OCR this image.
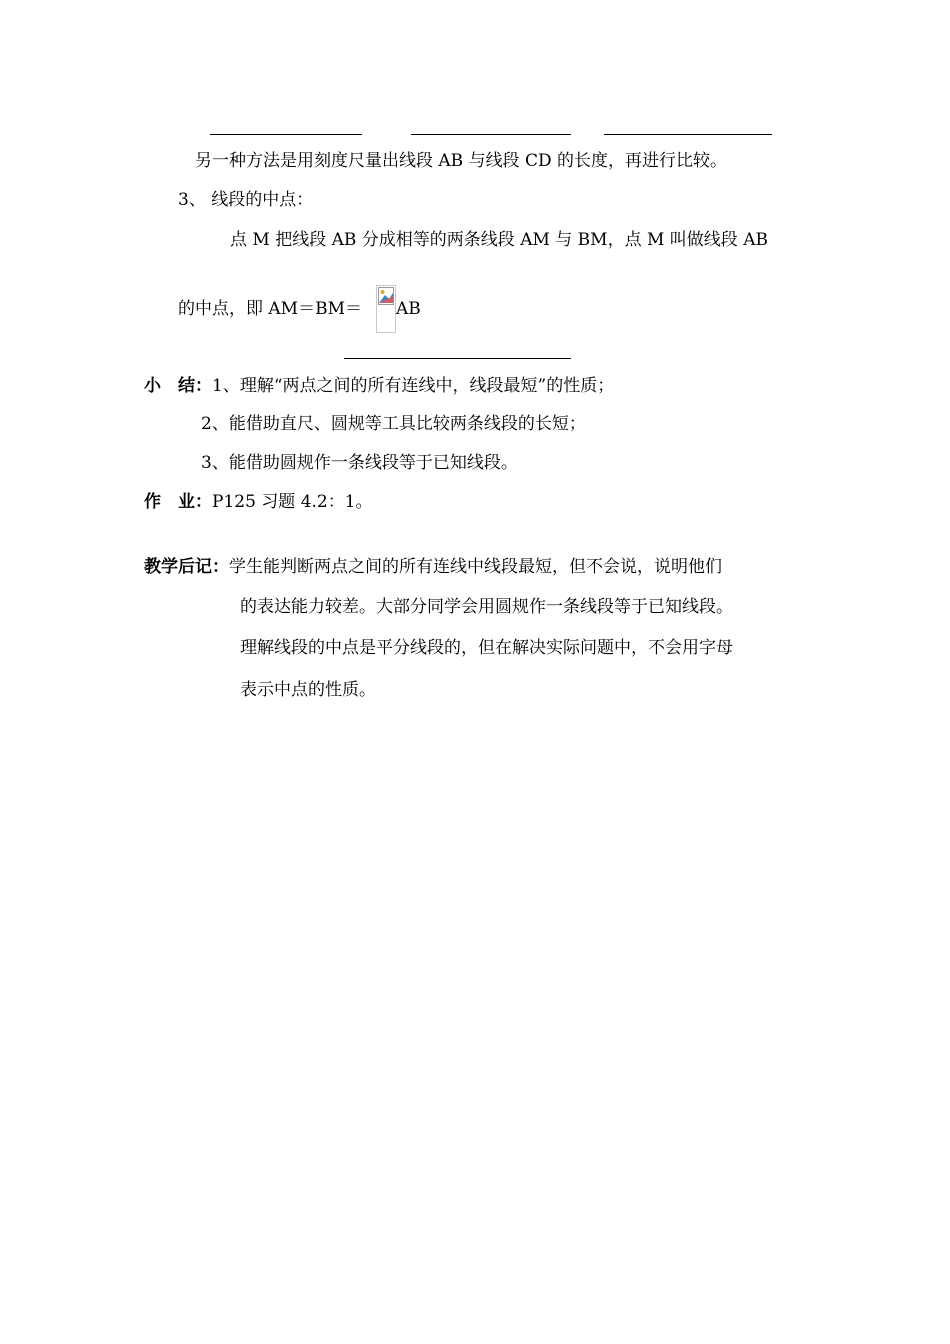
另一种方法是用刻度尺量出线段 AB 与线段 CD 的长度，再进行比较。
3、 线段的中点：
点 M 把线段 AB 分成相等的两条线段 AM 与 BM，点 M 叫做线段 AB
的中点，即 AM＝BM＝ AB
小　结：1、理解“两点之间的所有连线中，线段最短”的性质；
2、能借助直尺、圆规等工具比较两条线段的长短；
3、能借助圆规作一条线段等于已知线段。
作　业：P125 习题 4.2：1。
教学后记：学生能判断两点之间的所有连线中线段最短，但不会说，说明他们
的表达能力较差。大部分同学会用圆规作一条线段等于已知线段。
理解线段的中点是平分线段的，但在解决实际问题中，不会用字母
表示中点的性质。
